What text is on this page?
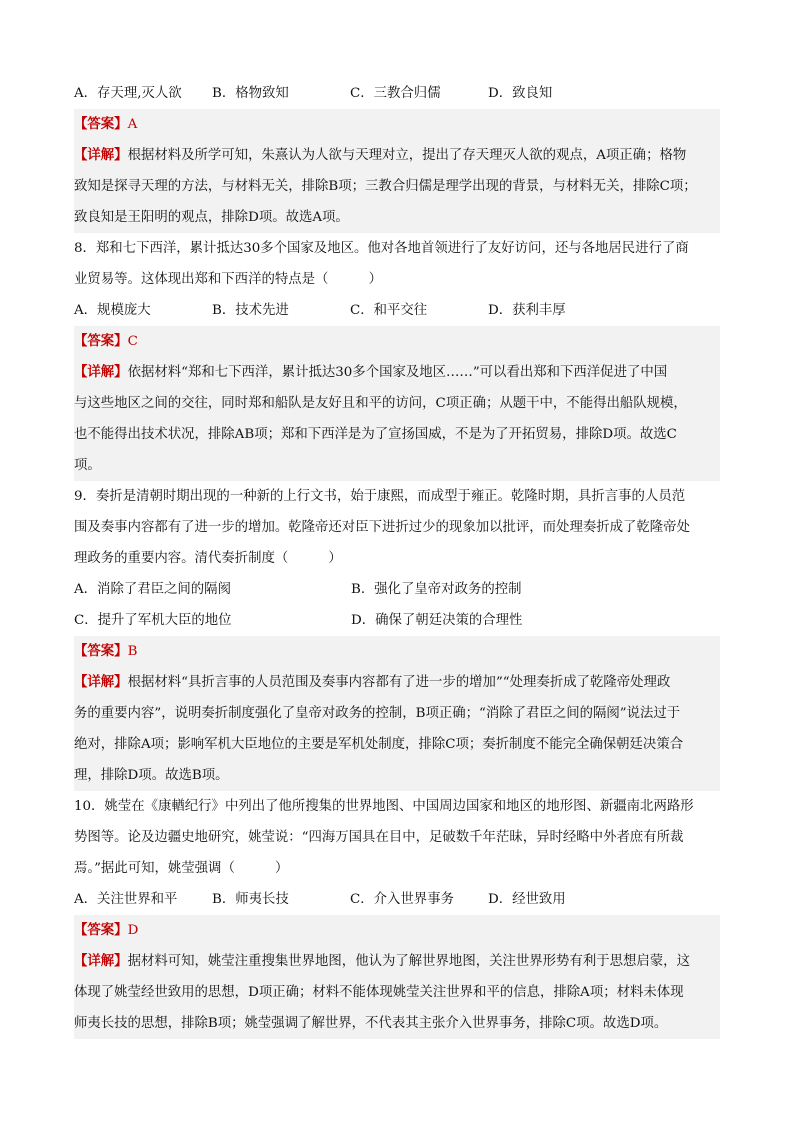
A．存天理,灭人欲	B．格物致知	C．三教合归儒	D．致良知
【答案】A
【详解】根据材料及所学可知，朱熹认为人欲与天理对立，提出了存天理灭人欲的观点，A项正确；格物
致知是探寻天理的方法，与材料无关，排除B项；三教合归儒是理学出现的背景，与材料无关，排除C项；
致良知是王阳明的观点，排除D项。故选A项。
8．郑和七下西洋，累计抵达30多个国家及地区。他对各地首领进行了友好访问，还与各地居民进行了商
业贸易等。这体现出郑和下西洋的特点是（　　　）
A．规模庞大	B．技术先进	C．和平交往	D．获利丰厚
【答案】C
【详解】依据材料“郑和七下西洋，累计抵达30多个国家及地区……”可以看出郑和下西洋促进了中国
与这些地区之间的交往，同时郑和船队是友好且和平的访问，C项正确；从题干中，不能得出船队规模，
也不能得出技术状况，排除AB项；郑和下西洋是为了宣扬国威，不是为了开拓贸易，排除D项。故选C
项。
9．奏折是清朝时期出现的一种新的上行文书，始于康熙，而成型于雍正。乾隆时期，具折言事的人员范
围及奏事内容都有了进一步的增加。乾隆帝还对臣下进折过少的现象加以批评，而处理奏折成了乾隆帝处
理政务的重要内容。清代奏折制度（　　　）
A．消除了君臣之间的隔阂	B．强化了皇帝对政务的控制
C．提升了军机大臣的地位	D．确保了朝廷决策的合理性
【答案】B
【详解】根据材料“具折言事的人员范围及奏事内容都有了进一步的增加”“处理奏折成了乾隆帝处理政
务的重要内容”，说明奏折制度强化了皇帝对政务的控制，B项正确；“消除了君臣之间的隔阂”说法过于
绝对，排除A项；影响军机大臣地位的主要是军机处制度，排除C项；奏折制度不能完全确保朝廷决策合
理，排除D项。故选B项。
10．姚莹在《康輶纪行》中列出了他所搜集的世界地图、中国周边国家和地区的地形图、新疆南北两路形
势图等。论及边疆史地研究，姚莹说：“四海万国具在目中，足破数千年茫昧，异时经略中外者庶有所裁
焉。”据此可知，姚莹强调（　　　）
A．关注世界和平	B．师夷长技	C．介入世界事务	D．经世致用
【答案】D
【详解】据材料可知，姚莹注重搜集世界地图，他认为了解世界地图，关注世界形势有利于思想启蒙，这
体现了姚莹经世致用的思想，D项正确；材料不能体现姚莹关注世界和平的信息，排除A项；材料未体现
师夷长技的思想，排除B项；姚莹强调了解世界，不代表其主张介入世界事务，排除C项。故选D项。
